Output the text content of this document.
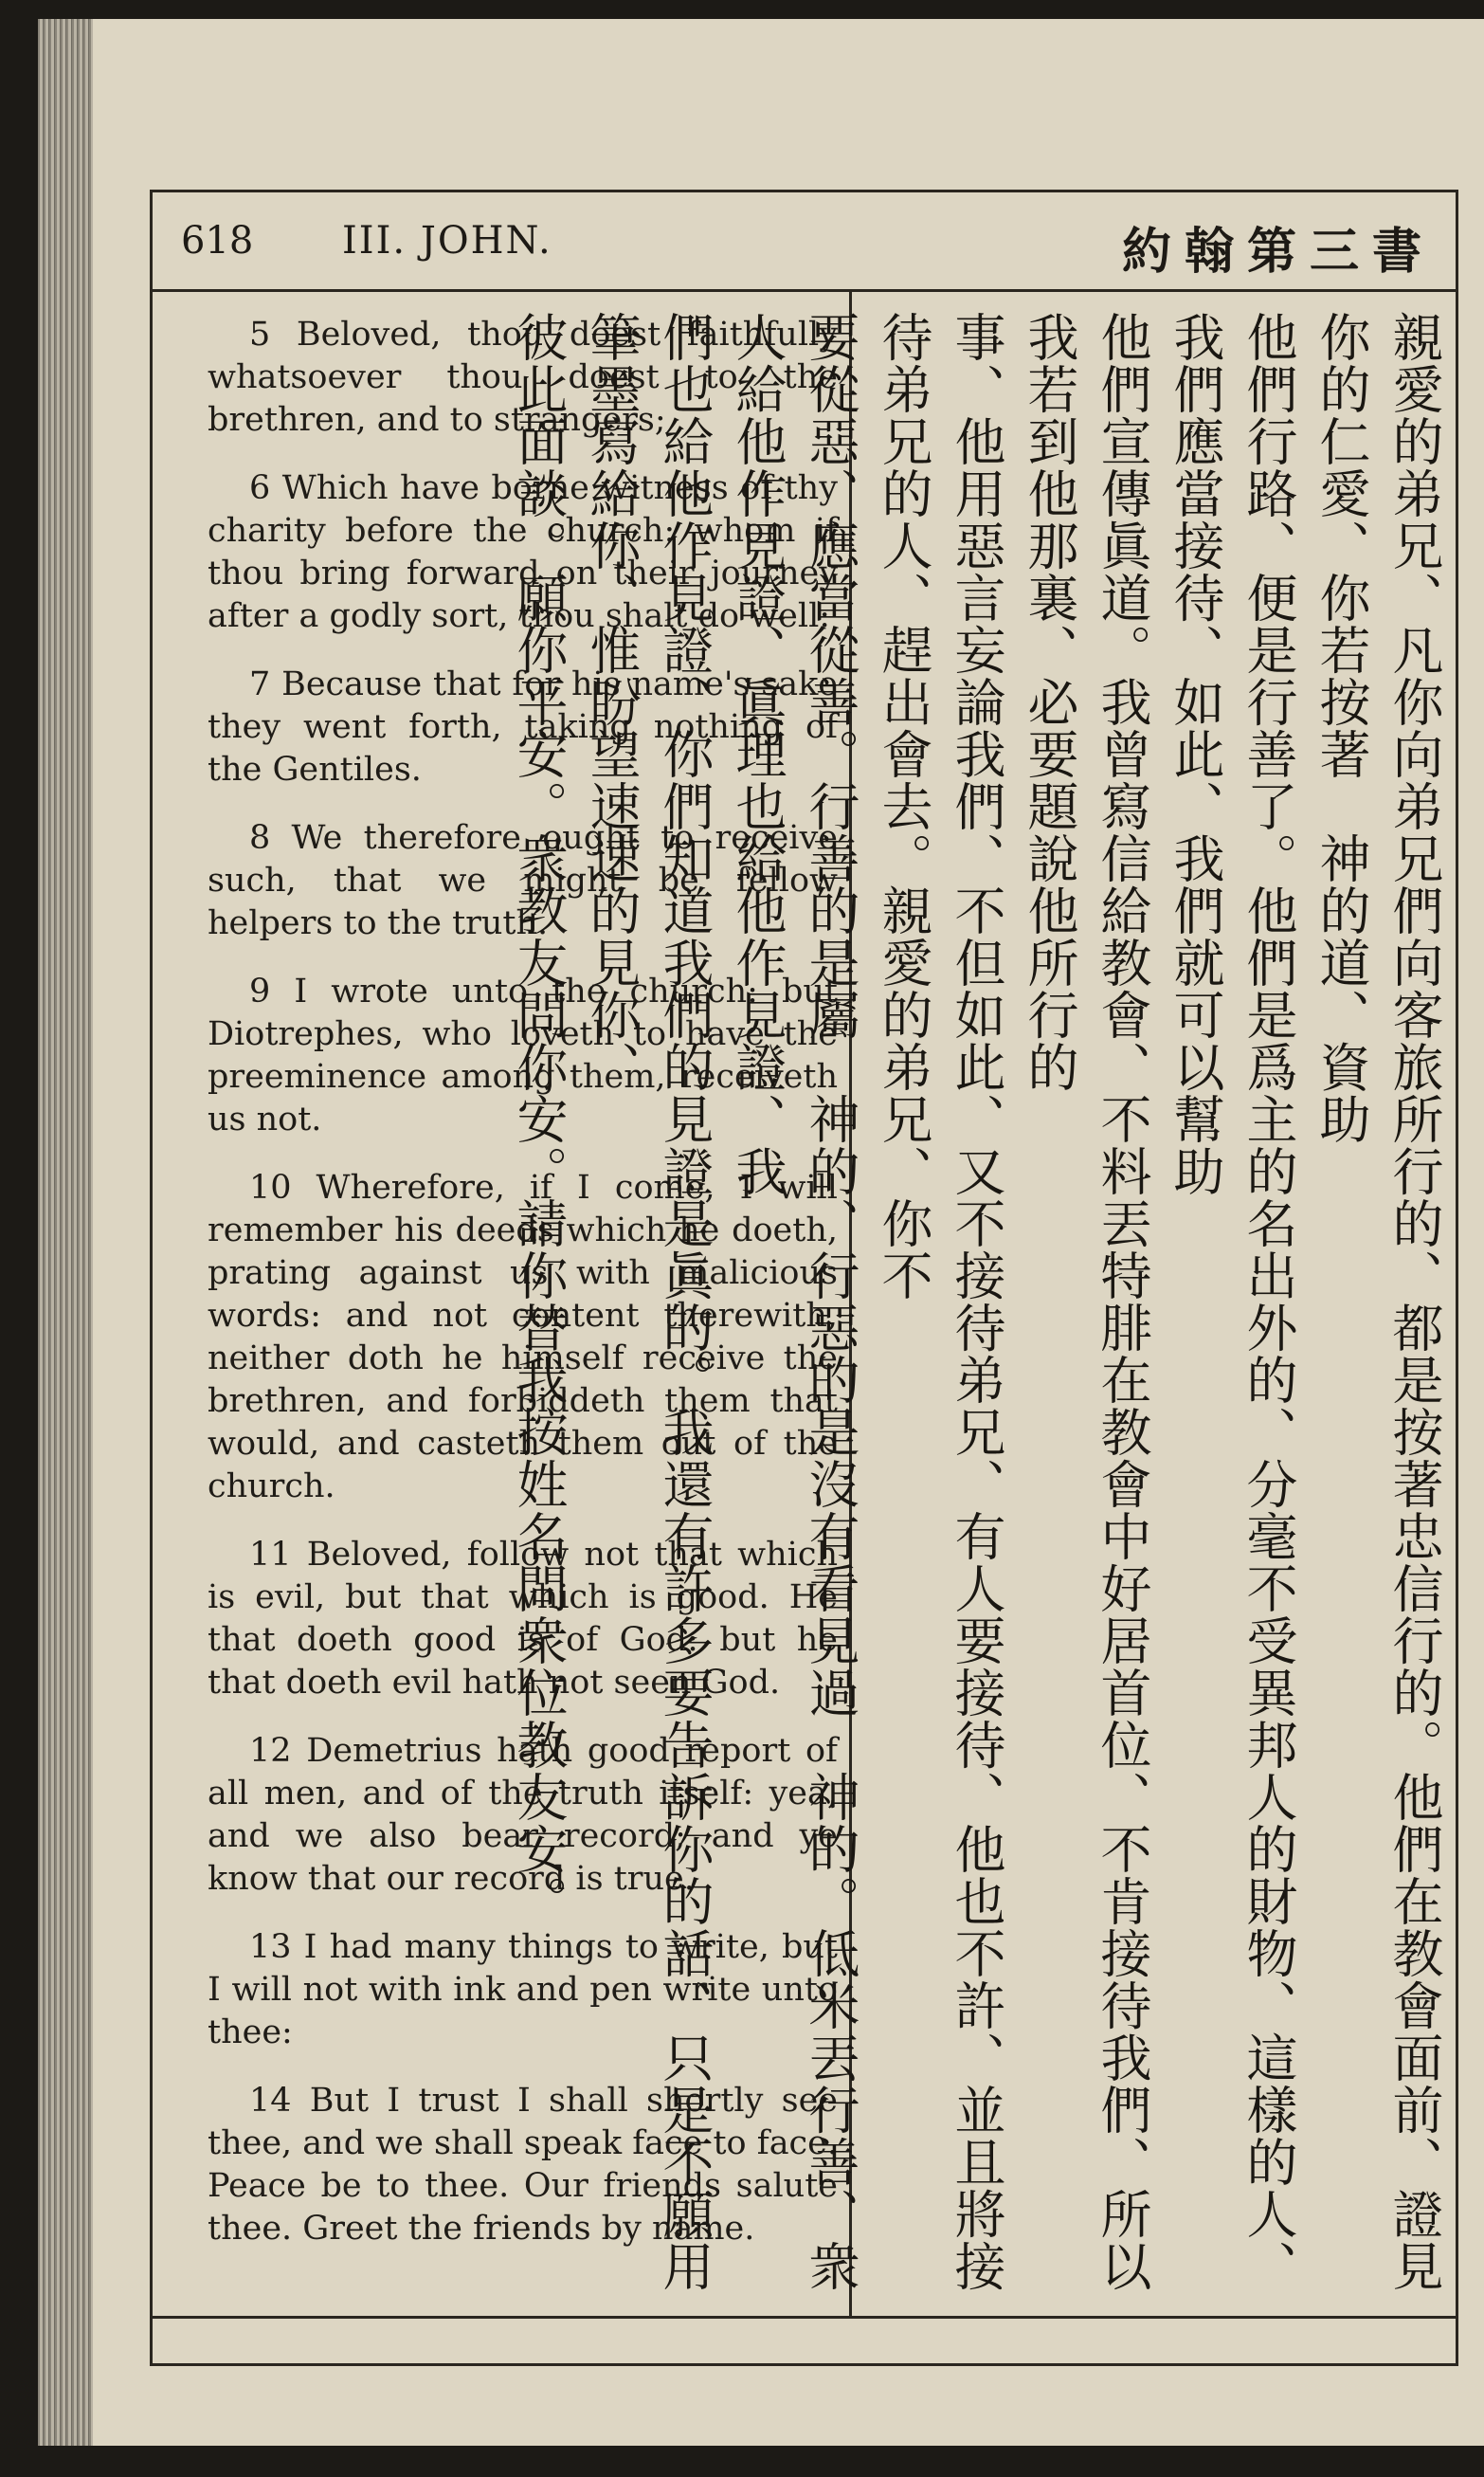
618 III. JOHN.	約翰第三書

5 Beloved, thou doest faithfully whatsoever thou doest to the brethren, and to strangers;

6 Which have borne witness of thy charity before the church: whom if thou bring forward on their journey after a godly sort, thou shalt do well:

7 Because that for his name's sake they went forth, taking nothing of the Gentiles.

8 We therefore ought to receive such, that we might be fellow helpers to the truth.

9 I wrote unto the church: but Diotrephes, who loveth to have the preeminence among them, receiveth us not.

10 Wherefore, if I come, I will remember his deeds which he doeth, prating against us with malicious words: and not content therewith, neither doth he himself receive the brethren, and forbiddeth them that would, and casteth them out of the church.

11 Beloved, follow not that which is evil, but that which is good. He that doeth good is of God: but he that doeth evil hath not seen God.

12 Demetrius hath good report of all men, and of the truth itself: yea, and we also bear record; and ye know that our record is true.

13 I had many things to write, but I will not with ink and pen write unto thee:

14 But I trust I shall shortly see thee, and we shall speak face to face. Peace be to thee. Our friends salute thee. Greet the friends by name.	親愛的弟兄、凡你向弟兄們向客旅所行的、都是按著忠信行的。他們在教會面前、證見你的仁愛、你若按著　神的道、資助
他們行路、便是行善了。他們是爲主的名出外的、分毫不受異邦人的財物、這樣的人、我們應當接待、如此、我們就可以幫助
他們宣傳眞道。我曾寫信給教會、不料丟特腓在教會中好居首位、不肯接待我們、所以我若到他那裏、必要題說他所行的
事、他用惡言妄論我們、不但如此、又不接待弟兄、有人要接待、他也不許、並且將接待弟兄的人、趕出會去。親愛的弟兄、你不
要從惡、應當從善。行善的是屬　神的、行惡的是沒有看見過　神的。低米丟行善、衆人給他作見證、眞理也給他作見證、我
們也給他作見證、你們知道我們的見證是眞的。我還有許多要告訴你的話、只是不願用筆墨寫給你、惟盼望速速的見你、
彼此面談。願你平安。衆教友問你安。請你替我按姓名問衆位教友安。
